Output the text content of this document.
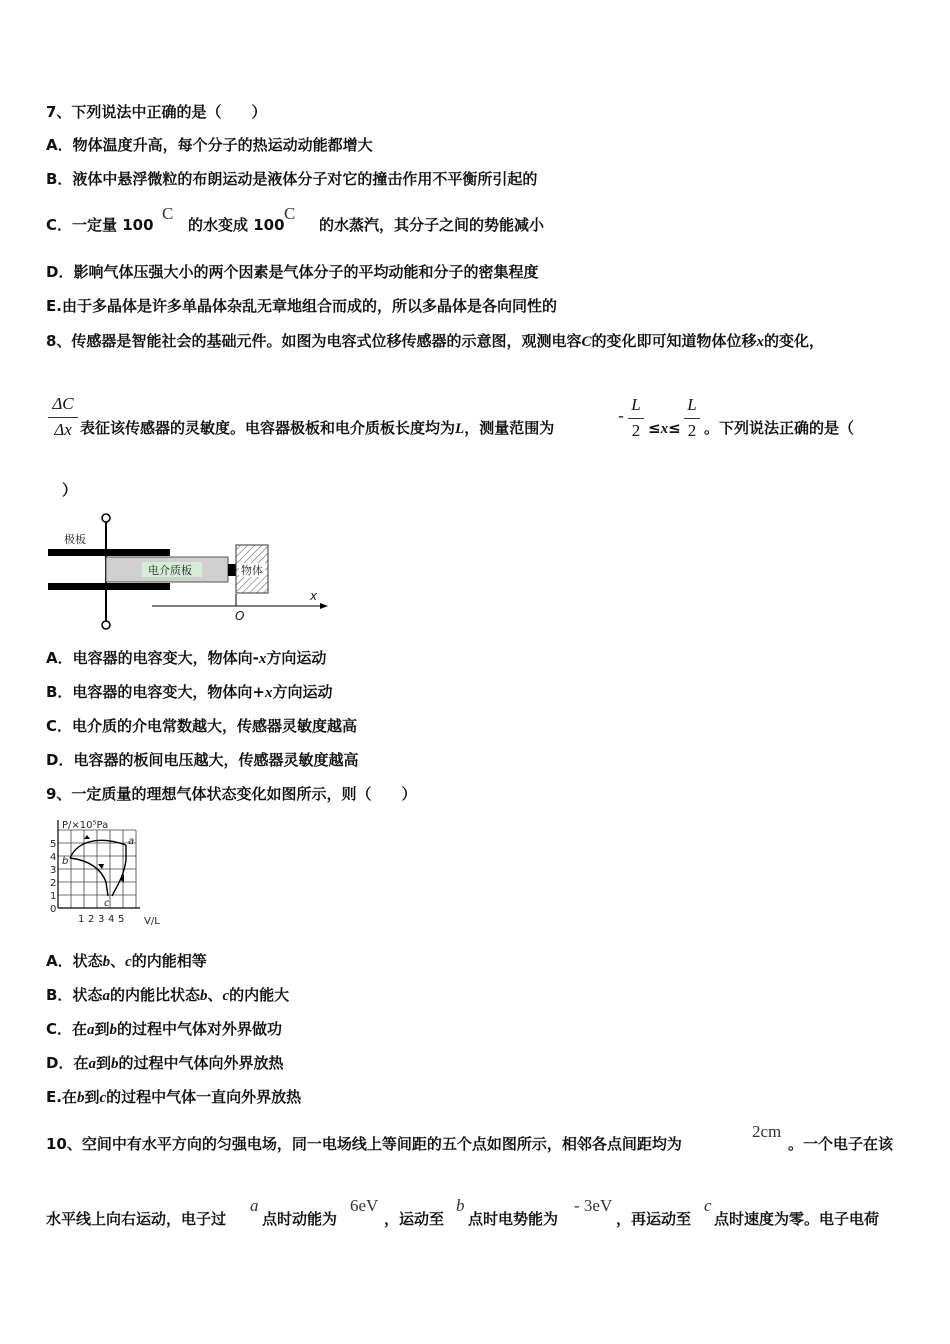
7、下列说法中正确的是（　　）
A．物体温度升高，每个分子的热运动动能都增大
B．液体中悬浮微粒的布朗运动是液体分子对它的撞击作用不平衡所引起的
C．一定量 100 的水变成 100 的水蒸汽，其分子之间的势能减小
C	C
D．影响气体压强大小的两个因素是气体分子的平均动能和分子的密集程度
E.由于多晶体是许多单晶体杂乱无章地组合而成的，所以多晶体是各向同性的
8、传感器是智能社会的基础元件。如图为电容式位移传感器的示意图，观测电容C的变化即可知道物体位移x的变化，
ΔC
Δx 表征该传感器的灵敏度。电容器极板和电介质板长度均为L，测量范围为
-
L
2 ≤x≤
L
2 。下列说法正确的是（
）
电介质板	物体
极板
x
O
A．电容器的电容变大，物体向-x方向运动
B．电容器的电容变大，物体向+x方向运动
C．电介质的介电常数越大，传感器灵敏度越高
D．电容器的板间电压越大，传感器灵敏度越高
9、一定质量的理想气体状态变化如图所示，则（　　）
P/×10⁵Pa
V/L
5
4
3
2
1
0
1 2 3 4 5
a
b
c
A．状态b、c的内能相等
B．状态a的内能比状态b、c的内能大
C．在a到b的过程中气体对外界做功
D．在a到b的过程中气体向外界放热
E.在b到c的过程中气体一直向外界放热
10、空间中有水平方向的匀强电场，同一电场线上等间距的五个点如图所示，相邻各点间距均为
2cm
。一个电子在该
水平线上向右运动，电子过
a
点时动能为
6eV
，运动至
b
点时电势能为
- 3eV
，再运动至
c
点时速度为零。电子电荷
